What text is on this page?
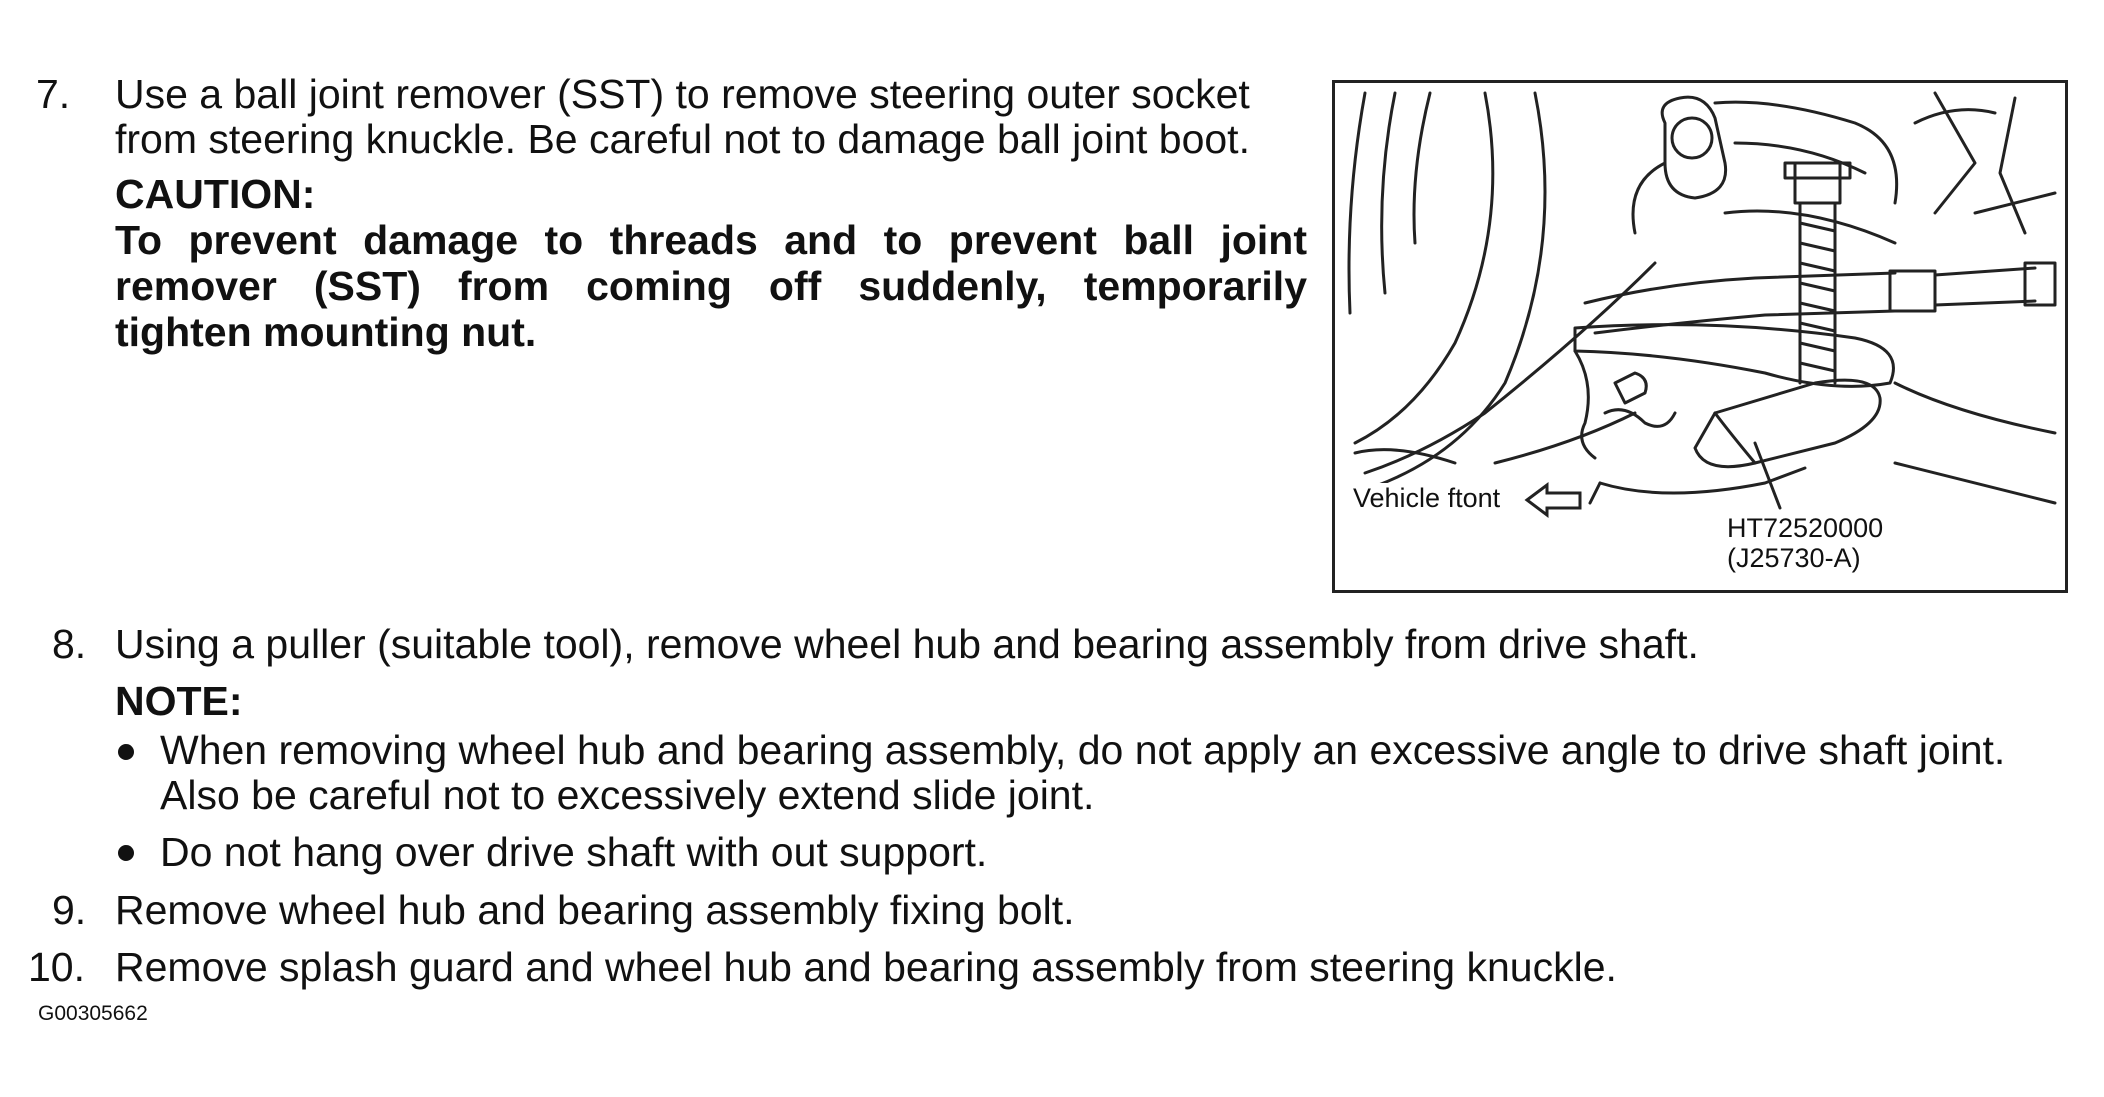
7. Use a ball joint remover (SST) to remove steering outer socket
from steering knuckle. Be careful not to damage ball joint boot.
CAUTION:
To prevent damage to threads and to prevent ball joint
remover (SST) from coming off suddenly, temporarily
tighten mounting nut.
Vehicle ftont
HT72520000
(J25730-A)
8. Using a puller (suitable tool), remove wheel hub and bearing assembly from drive shaft.
NOTE:
When removing wheel hub and bearing assembly, do not apply an excessive angle to drive shaft joint.
Also be careful not to excessively extend slide joint.
Do not hang over drive shaft with out support.
9. Remove wheel hub and bearing assembly fixing bolt.
10. Remove splash guard and wheel hub and bearing assembly from steering knuckle.
G00305662
